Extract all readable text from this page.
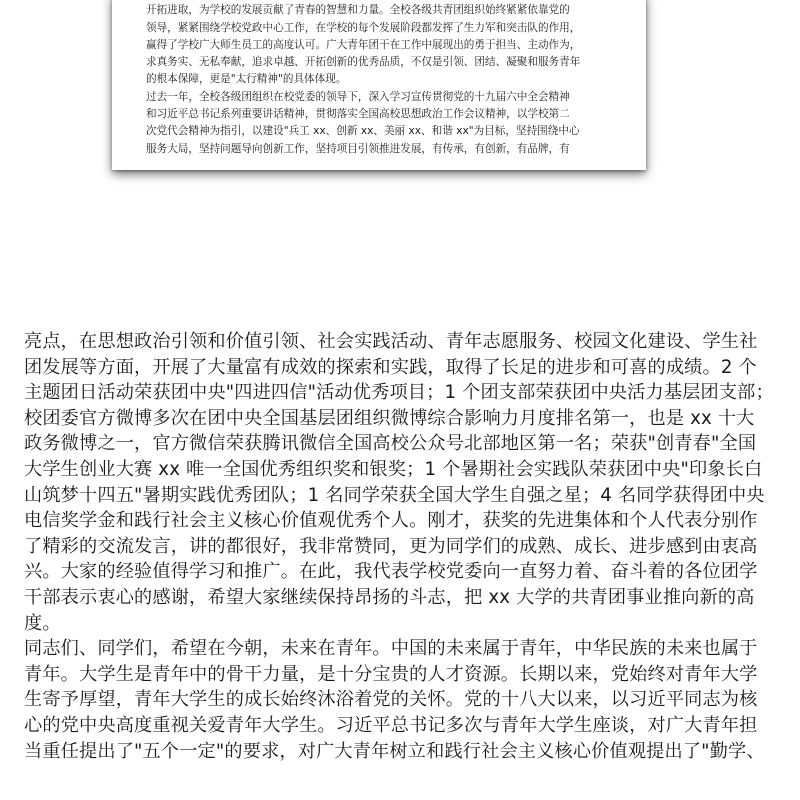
开拓进取，为学校的发展贡献了青春的智慧和力量。全校各级共青团组织始终紧紧依靠党的
领导，紧紧围绕学校党政中心工作，在学校的每个发展阶段都发挥了生力军和突击队的作用，
赢得了学校广大师生员工的高度认可。广大青年团干在工作中展现出的勇于担当、主动作为，
求真务实、无私奉献，追求卓越、开拓创新的优秀品质，不仅是引领、团结、凝聚和服务青年
的根本保障，更是"太行精神"的具体体现。
过去一年，全校各级团组织在校党委的领导下，深入学习宣传贯彻党的十九届六中全会精神
和习近平总书记系列重要讲话精神，贯彻落实全国高校思想政治工作会议精神，以学校第二
次党代会精神为指引，以建设"兵工 xx、创新 xx、美丽 xx、和谐 xx"为目标，坚持围绕中心
服务大局，坚持问题导向创新工作，坚持项目引领推进发展，有传承，有创新，有品牌，有
亮点，在思想政治引领和价值引领、社会实践活动、青年志愿服务、校园文化建设、学生社
团发展等方面，开展了大量富有成效的探索和实践，取得了长足的进步和可喜的成绩。2 个
主题团日活动荣获团中央"四进四信"活动优秀项目；1 个团支部荣获团中央活力基层团支部；
校团委官方微博多次在团中央全国基层团组织微博综合影响力月度排名第一，也是 xx 十大
政务微博之一，官方微信荣获腾讯微信全国高校公众号北部地区第一名；荣获"创青春"全国
大学生创业大赛 xx 唯一全国优秀组织奖和银奖；1 个暑期社会实践队荣获团中央"印象长白
山筑梦十四五"暑期实践优秀团队；1 名同学荣获全国大学生自强之星；4 名同学获得团中央
电信奖学金和践行社会主义核心价值观优秀个人。刚才，获奖的先进集体和个人代表分别作
了精彩的交流发言，讲的都很好，我非常赞同，更为同学们的成熟、成长、进步感到由衷高
兴。大家的经验值得学习和推广。在此，我代表学校党委向一直努力着、奋斗着的各位团学
干部表示衷心的感谢，希望大家继续保持昂扬的斗志，把 xx 大学的共青团事业推向新的高
度。
同志们、同学们，希望在今朝，未来在青年。中国的未来属于青年，中华民族的未来也属于
青年。大学生是青年中的骨干力量，是十分宝贵的人才资源。长期以来，党始终对青年大学
生寄予厚望，青年大学生的成长始终沐浴着党的关怀。党的十八大以来，以习近平同志为核
心的党中央高度重视关爱青年大学生。习近平总书记多次与青年大学生座谈，对广大青年担
当重任提出了"五个一定"的要求，对广大青年树立和践行社会主义核心价值观提出了"勤学、
